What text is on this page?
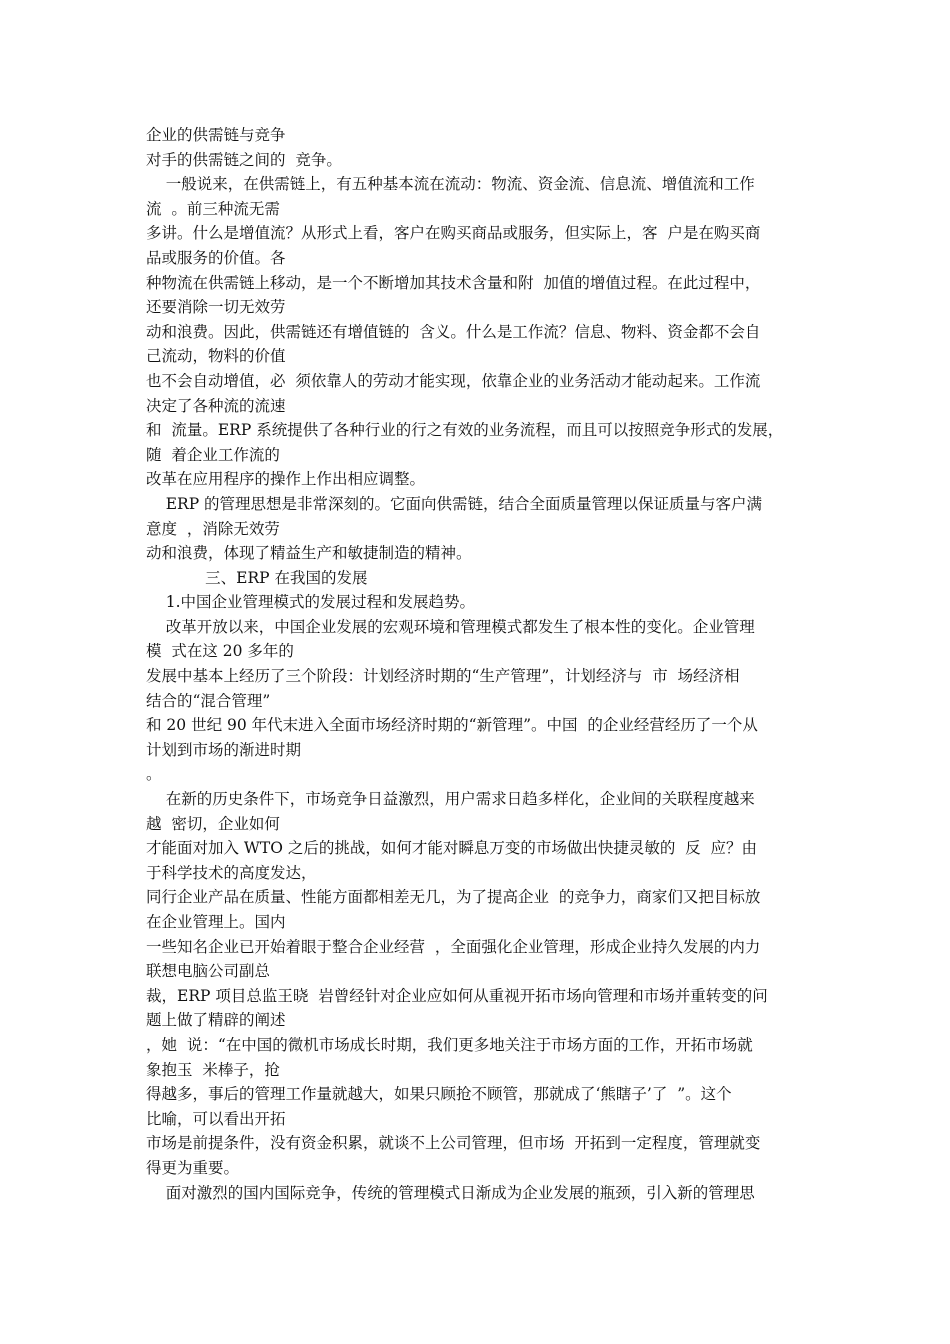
企业的供需链与竞争
对手的供需链之间的  竞争。
一般说来，在供需链上，有五种基本流在流动：物流、资金流、信息流、增值流和工作
流  。前三种流无需
多讲。什么是增值流？从形式上看，客户在购买商品或服务，但实际上，客  户是在购买商
品或服务的价值。各
种物流在供需链上移动，是一个不断增加其技术含量和附  加值的增值过程。在此过程中，
还要消除一切无效劳
动和浪费。因此，供需链还有增值链的  含义。什么是工作流？信息、物料、资金都不会自
己流动，物料的价值
也不会自动增值，必  须依靠人的劳动才能实现，依靠企业的业务活动才能动起来。工作流
决定了各种流的流速
和  流量。ERP 系统提供了各种行业的行之有效的业务流程，而且可以按照竞争形式的发展，
随  着企业工作流的
改革在应用程序的操作上作出相应调整。
ERP 的管理思想是非常深刻的。它面向供需链，结合全面质量管理以保证质量与客户满
意度  ，消除无效劳
动和浪费，体现了精益生产和敏捷制造的精神。
三、ERP 在我国的发展
1.中国企业管理模式的发展过程和发展趋势。
改革开放以来，中国企业发展的宏观环境和管理模式都发生了根本性的变化。企业管理
模  式在这 20 多年的
发展中基本上经历了三个阶段：计划经济时期的“生产管理”，计划经济与  市  场经济相
结合的“混合管理”
和 20 世纪 90 年代末进入全面市场经济时期的“新管理”。中国  的企业经营经历了一个从
计划到市场的渐进时期
。
在新的历史条件下，市场竞争日益激烈，用户需求日趋多样化，企业间的关联程度越来
越  密切，企业如何
才能面对加入 WTO 之后的挑战，如何才能对瞬息万变的市场做出快捷灵敏的  反  应？由
于科学技术的高度发达，
同行企业产品在质量、性能方面都相差无几，为了提高企业  的竞争力，商家们又把目标放
在企业管理上。国内
一些知名企业已开始着眼于整合企业经营  ，全面强化企业管理，形成企业持久发展的内力
联想电脑公司副总
裁，ERP 项目总监王晓  岩曾经针对企业应如何从重视开拓市场向管理和市场并重转变的问
题上做了精辟的阐述
，她  说：“在中国的微机市场成长时期，我们更多地关注于市场方面的工作，开拓市场就
象抱玉  米棒子，抢
得越多，事后的管理工作量就越大，如果只顾抢不顾管，那就成了‘熊瞎子’了  ”。这个
比喻，可以看出开拓
市场是前提条件，没有资金积累，就谈不上公司管理，但市场  开拓到一定程度，管理就变
得更为重要。
面对激烈的国内国际竞争，传统的管理模式日渐成为企业发展的瓶颈，引入新的管理思
